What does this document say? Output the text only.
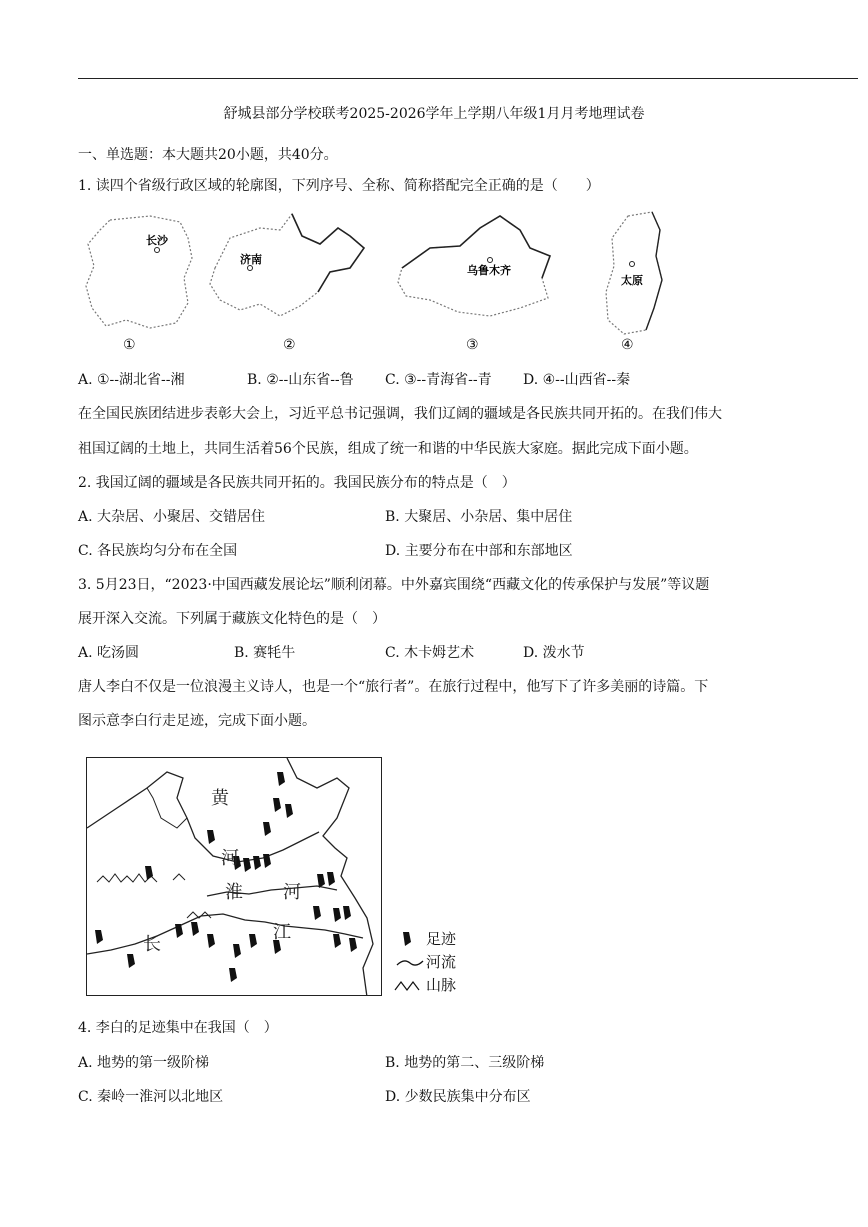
舒城县部分学校联考2025-2026学年上学期八年级1月月考地理试卷
一、单选题：本大题共20小题，共40分。
1. 读四个省级行政区域的轮廓图，下列序号、全称、简称搭配完全正确的是（　　）
长沙
济南
乌鲁木齐
太原
①	②	③	④
A. ①--湖北省--湘	B. ②--山东省--鲁 C. ③--青海省--青 D. ④--山西省--秦
在全国民族团结进步表彰大会上，习近平总书记强调，我们辽阔的疆域是各民族共同开拓的。在我们伟大
祖国辽阔的土地上，共同生活着56个民族，组成了统一和谐的中华民族大家庭。据此完成下面小题。
2. 我国辽阔的疆域是各民族共同开拓的。我国民族分布的特点是（　）
A. 大杂居、小聚居、交错居住	B. 大聚居、小杂居、集中居住
C. 各民族均匀分布在全国	D. 主要分布在中部和东部地区
3. 5月23日，“2023·中国西藏发展论坛”顺利闭幕。中外嘉宾围绕“西藏文化的传承保护与发展”等议题
展开深入交流。下列属于藏族文化特色的是（　）
A. 吃汤圆	B. 赛牦牛	C. 木卡姆艺术	D. 泼水节
唐人李白不仅是一位浪漫主义诗人，也是一个“旅行者”。在旅行过程中，他写下了许多美丽的诗篇。下
图示意李白行走足迹，完成下面小题。
黄
河
淮 河
长
江	足迹
河流
山脉
4. 李白的足迹集中在我国（　）
A. 地势的第一级阶梯	B. 地势的第二、三级阶梯
C. 秦岭一淮河以北地区	D. 少数民族集中分布区
